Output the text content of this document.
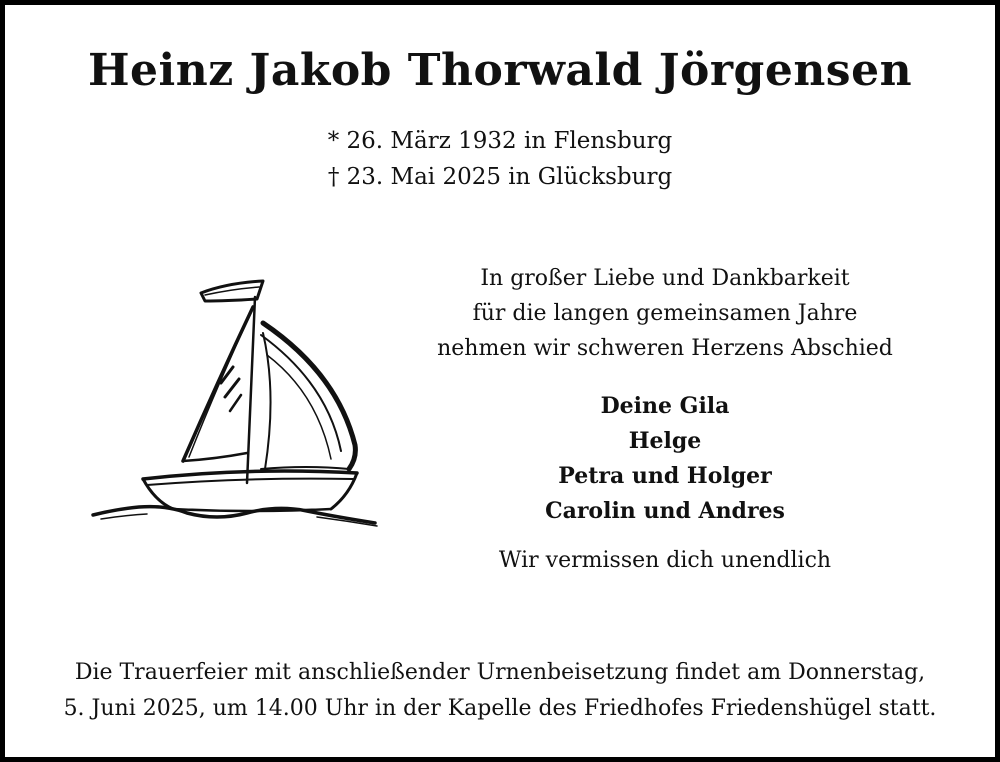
Heinz Jakob Thorwald Jörgensen
* 26. März 1932 in Flensburg
† 23. Mai 2025 in Glücksburg
In großer Liebe und Dankbarkeit
für die langen gemeinsamen Jahre
nehmen wir schweren Herzens Abschied
Deine Gila
Helge
Petra und Holger
Carolin und Andres
Wir vermissen dich unendlich
Die Trauerfeier mit anschließender Urnenbeisetzung findet am Donnerstag,
5. Juni 2025, um 14.00 Uhr in der Kapelle des Friedhofes Friedenshügel statt.
